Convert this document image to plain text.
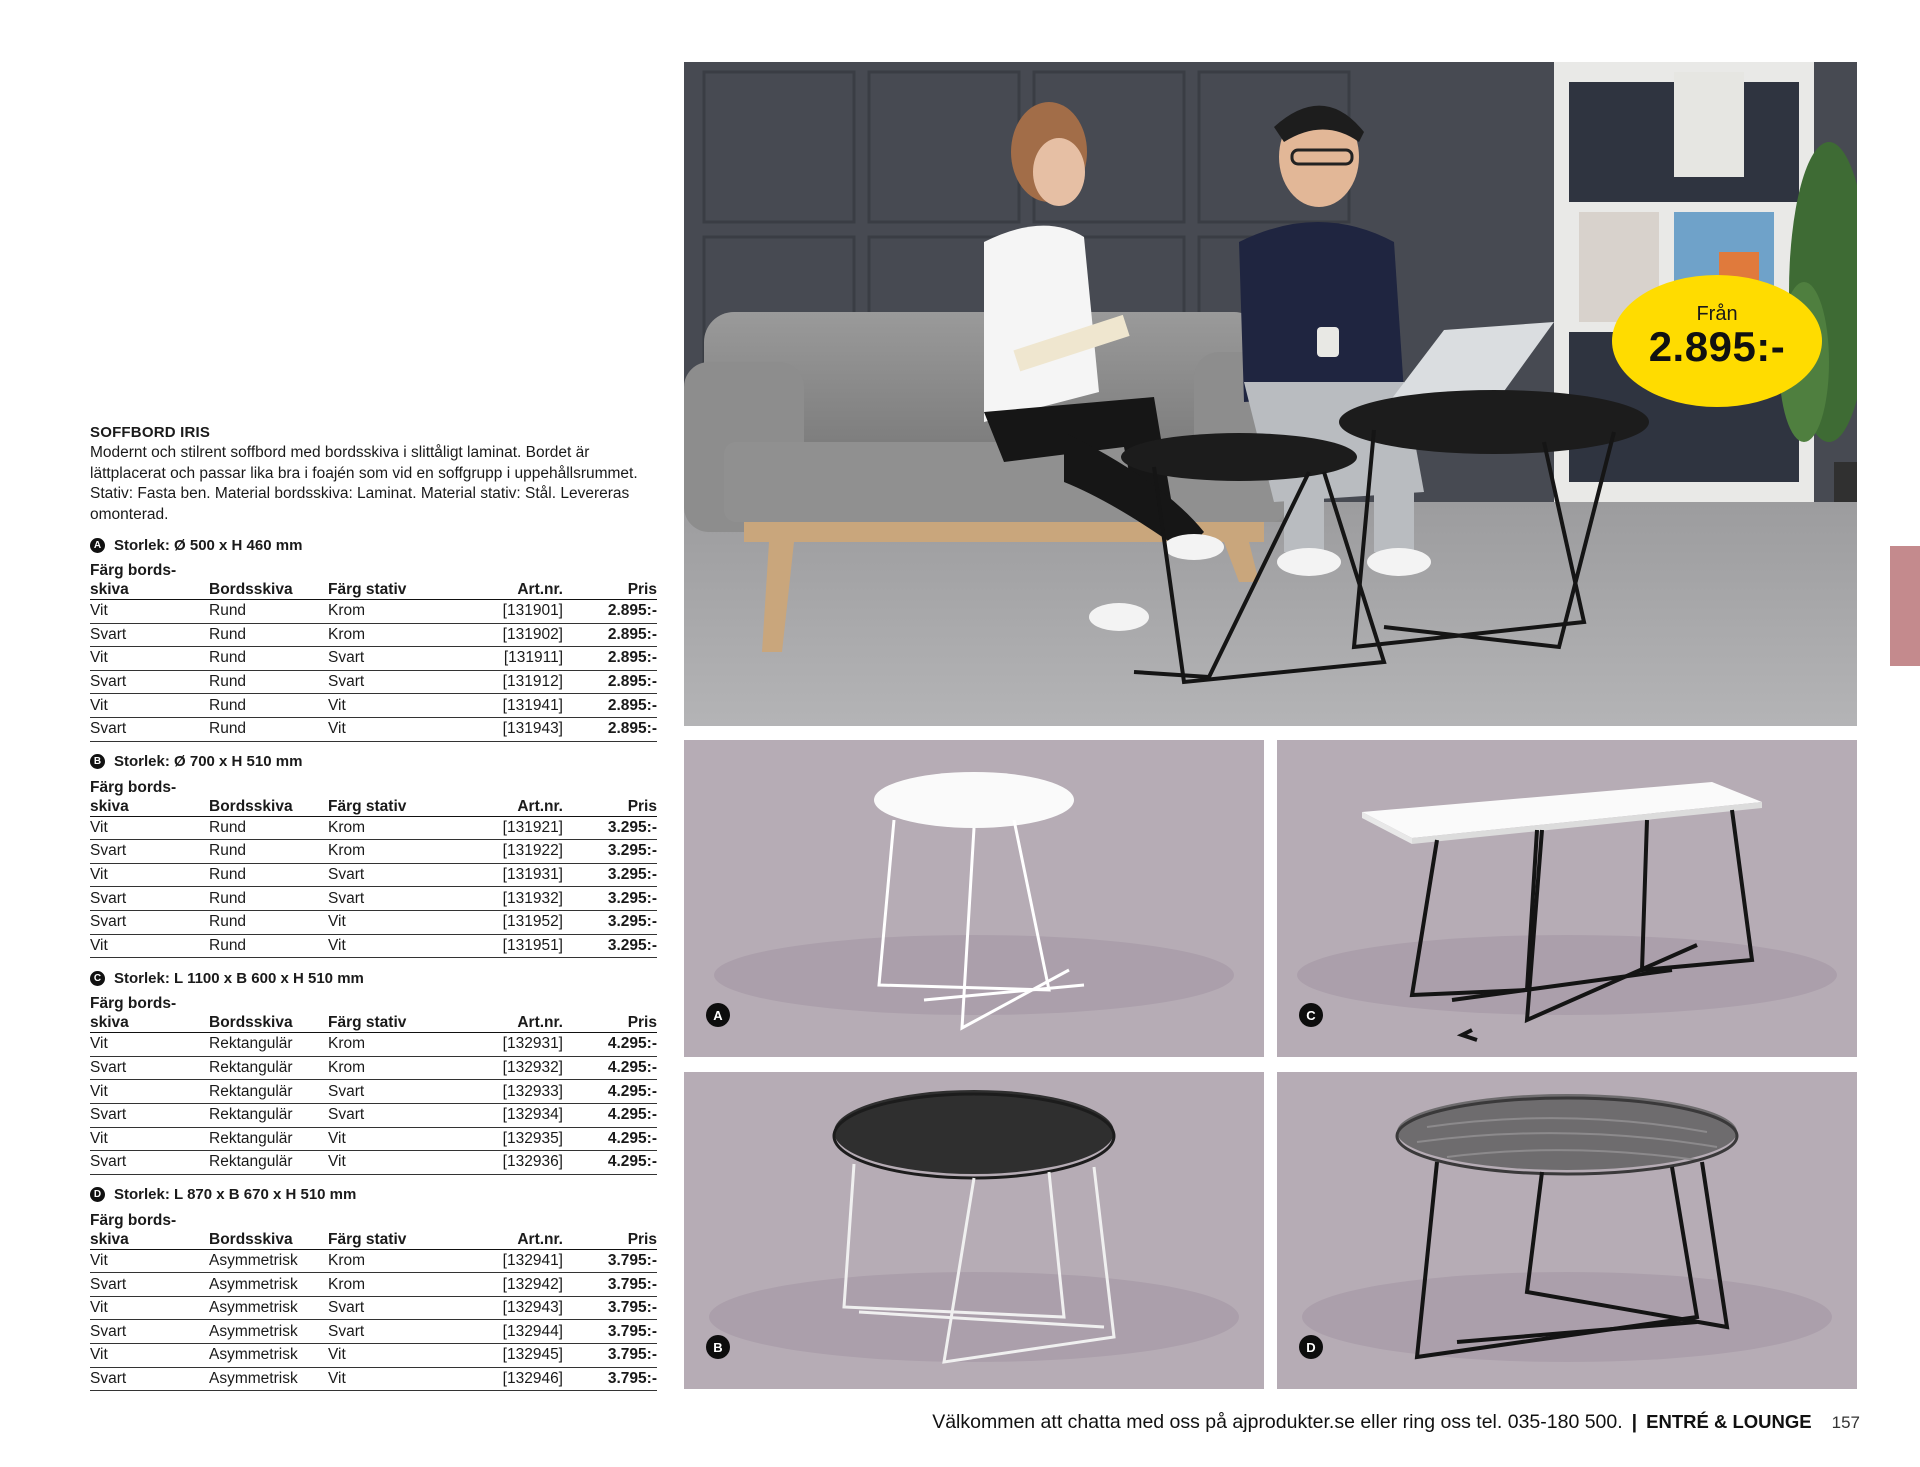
SOFFBORD IRIS

Modernt och stilrent soffbord med bordsskiva i slittåligt laminat. Bordet är lättplacerat och passar lika bra i foajén som vid en soffgrupp i uppehållsrummet. Stativ: Fasta ben. Material bordsskiva: Laminat. Material stativ: Stål. Levereras omonterad.

A Storlek: Ø 500 x H 460 mm
Färg bords-
skiva	Bordsskiva	Färg stativ	Art.nr.	Pris
Vit	Rund	Krom	[131901]	2.895:-
Svart	Rund	Krom	[131902]	2.895:-
Vit	Rund	Svart	[131911]	2.895:-
Svart	Rund	Svart	[131912]	2.895:-
Vit	Rund	Vit	[131941]	2.895:-
Svart	Rund	Vit	[131943]	2.895:-
B Storlek: Ø 700 x H 510 mm
Färg bords-
skiva	Bordsskiva	Färg stativ	Art.nr.	Pris
Vit	Rund	Krom	[131921]	3.295:-
Svart	Rund	Krom	[131922]	3.295:-
Vit	Rund	Svart	[131931]	3.295:-
Svart	Rund	Svart	[131932]	3.295:-
Svart	Rund	Vit	[131952]	3.295:-
Vit	Rund	Vit	[131951]	3.295:-
C Storlek: L 1100 x B 600 x H 510 mm
Färg bords-
skiva	Bordsskiva	Färg stativ	Art.nr.	Pris
Vit	Rektangulär	Krom	[132931]	4.295:-
Svart	Rektangulär	Krom	[132932]	4.295:-
Vit	Rektangulär	Svart	[132933]	4.295:-
Svart	Rektangulär	Svart	[132934]	4.295:-
Vit	Rektangulär	Vit	[132935]	4.295:-
Svart	Rektangulär	Vit	[132936]	4.295:-
D Storlek: L 870 x B 670 x H 510 mm
Färg bords-
skiva	Bordsskiva	Färg stativ	Art.nr.	Pris
Vit	Asymmetrisk	Krom	[132941]	3.795:-
Svart	Asymmetrisk	Krom	[132942]	3.795:-
Vit	Asymmetrisk	Svart	[132943]	3.795:-
Svart	Asymmetrisk	Svart	[132944]	3.795:-
Vit	Asymmetrisk	Vit	[132945]	3.795:-
Svart	Asymmetrisk	Vit	[132946]	3.795:-
Från
2.895:-
A	C
B	D
Välkommen att chatta med oss på ajprodukter.se eller ring oss tel. 035-180 500. | ENTRÉ & LOUNGE 157
